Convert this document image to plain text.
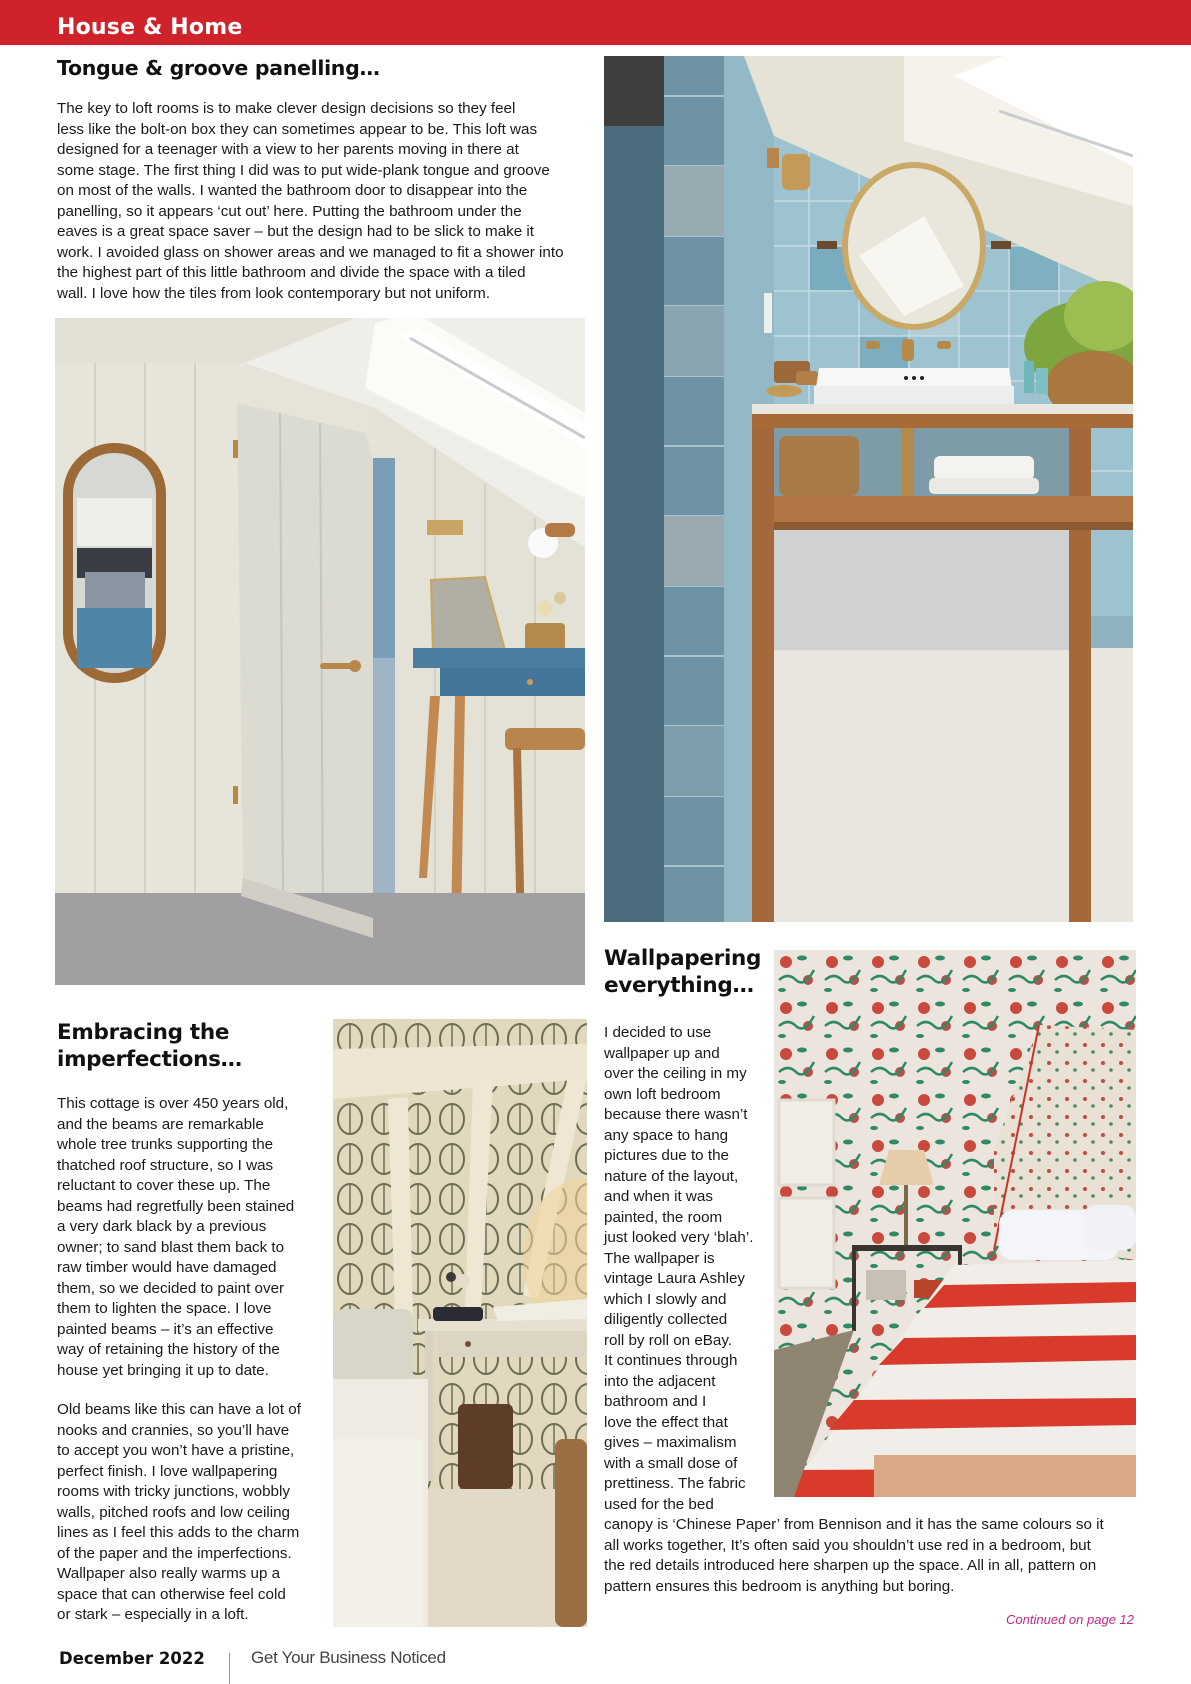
House & Home
Tongue & groove panelling…
The key to loft rooms is to make clever design decisions so they feel
less like the bolt-on box they can sometimes appear to be. This loft was
designed for a teenager with a view to her parents moving in there at
some stage. The first thing I did was to put wide-plank tongue and groove
on most of the walls. I wanted the bathroom door to disappear into the
panelling, so it appears ‘cut out’ here. Putting the bathroom under the
eaves is a great space saver – but the design had to be slick to make it
work. I avoided glass on shower areas and we managed to fit a shower into
the highest part of this little bathroom and divide the space with a tiled
wall. I love how the tiles from look contemporary but not uniform.
Embracing the
imperfections…
This cottage is over 450 years old,
and the beams are remarkable
whole tree trunks supporting the
thatched roof structure, so I was
reluctant to cover these up. The
beams had regretfully been stained
a very dark black by a previous
owner; to sand blast them back to
raw timber would have damaged
them, so we decided to paint over
them to lighten the space. I love
painted beams – it’s an effective
way of retaining the history of the
house yet bringing it up to date.
Old beams like this can have a lot of
nooks and crannies, so you’ll have
to accept you won’t have a pristine,
perfect finish. I love wallpapering
rooms with tricky junctions, wobbly
walls, pitched roofs and low ceiling
lines as I feel this adds to the charm
of the paper and the imperfections.
Wallpaper also really warms up a
space that can otherwise feel cold
or stark – especially in a loft.
Wallpapering
everything…
I decided to use
wallpaper up and
over the ceiling in my
own loft bedroom
because there wasn’t
any space to hang
pictures due to the
nature of the layout,
and when it was
painted, the room
just looked very ‘blah’.
The wallpaper is
vintage Laura Ashley
which I slowly and
diligently collected
roll by roll on eBay.
It continues through
into the adjacent
bathroom and I
love the effect that
gives – maximalism
with a small dose of
prettiness. The fabric
used for the bed
canopy is ‘Chinese Paper’ from Bennison and it has the same colours so it
all works together, It’s often said you shouldn’t use red in a bedroom, but
the red details introduced here sharpen up the space. All in all, pattern on
pattern ensures this bedroom is anything but boring.
Continued on page 12
December 2022	Get Your Business Noticed
